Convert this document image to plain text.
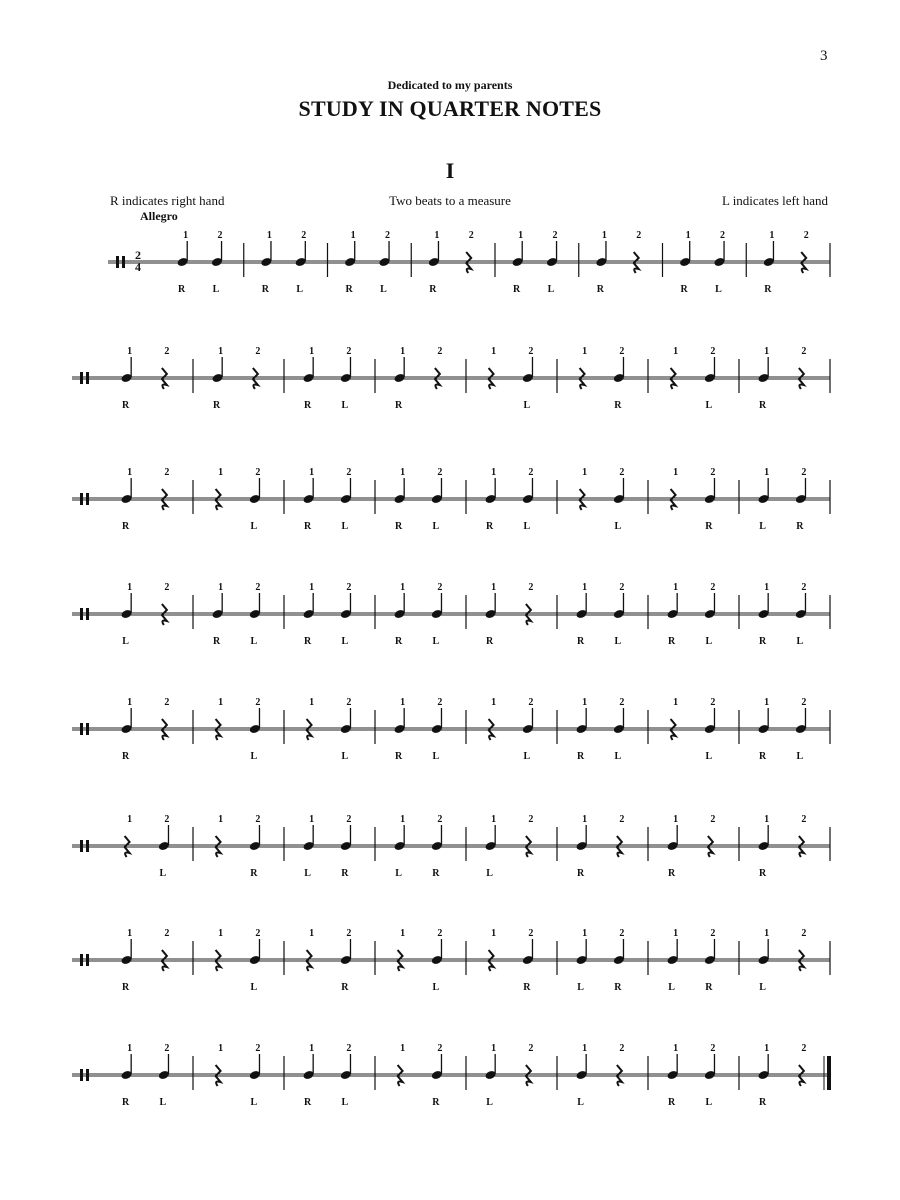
3
Dedicated to my parents
STUDY IN QUARTER NOTES
I
R indicates right hand	Two beats to a measure	L indicates left hand
Allegro
2
4
1
R
2
L
1
R
2
L
1
R
2
L
1
R
2	1
R
2
L
1
R
2	1
R
2
L
1
R
2
1
R
2	1
R
2	1
R
2
L
1
R
2	1	2
L
1	2
R
1	2
L
1
R
2
1
R
2	1	2
L
1
R
2
L
1
R
2
L
1
R
2
L
1	2
L
1	2
R
1
L
2
R
1
L
2	1
R
2
L
1
R
2
L
1
R
2
L
1
R
2	1
R
2
L
1
R
2
L
1
R
2
L
1
R
2	1	2
L
1	2
L
1
R
2
L
1	2
L
1
R
2
L
1	2
L
1
R
2
L
1	2
L
1	2
R
1
L
2
R
1
L
2
R
1
L
2	1
R
2	1
R
2	1
R
2
1
R
2	1	2
L
1	2
R
1	2
L
1	2
R
1
L
2
R
1
L
2
R
1
L
2
1
R
2
L
1	2
L
1
R
2
L
1	2
R
1
L
2	1
L
2	1
R
2
L
1
R
2
